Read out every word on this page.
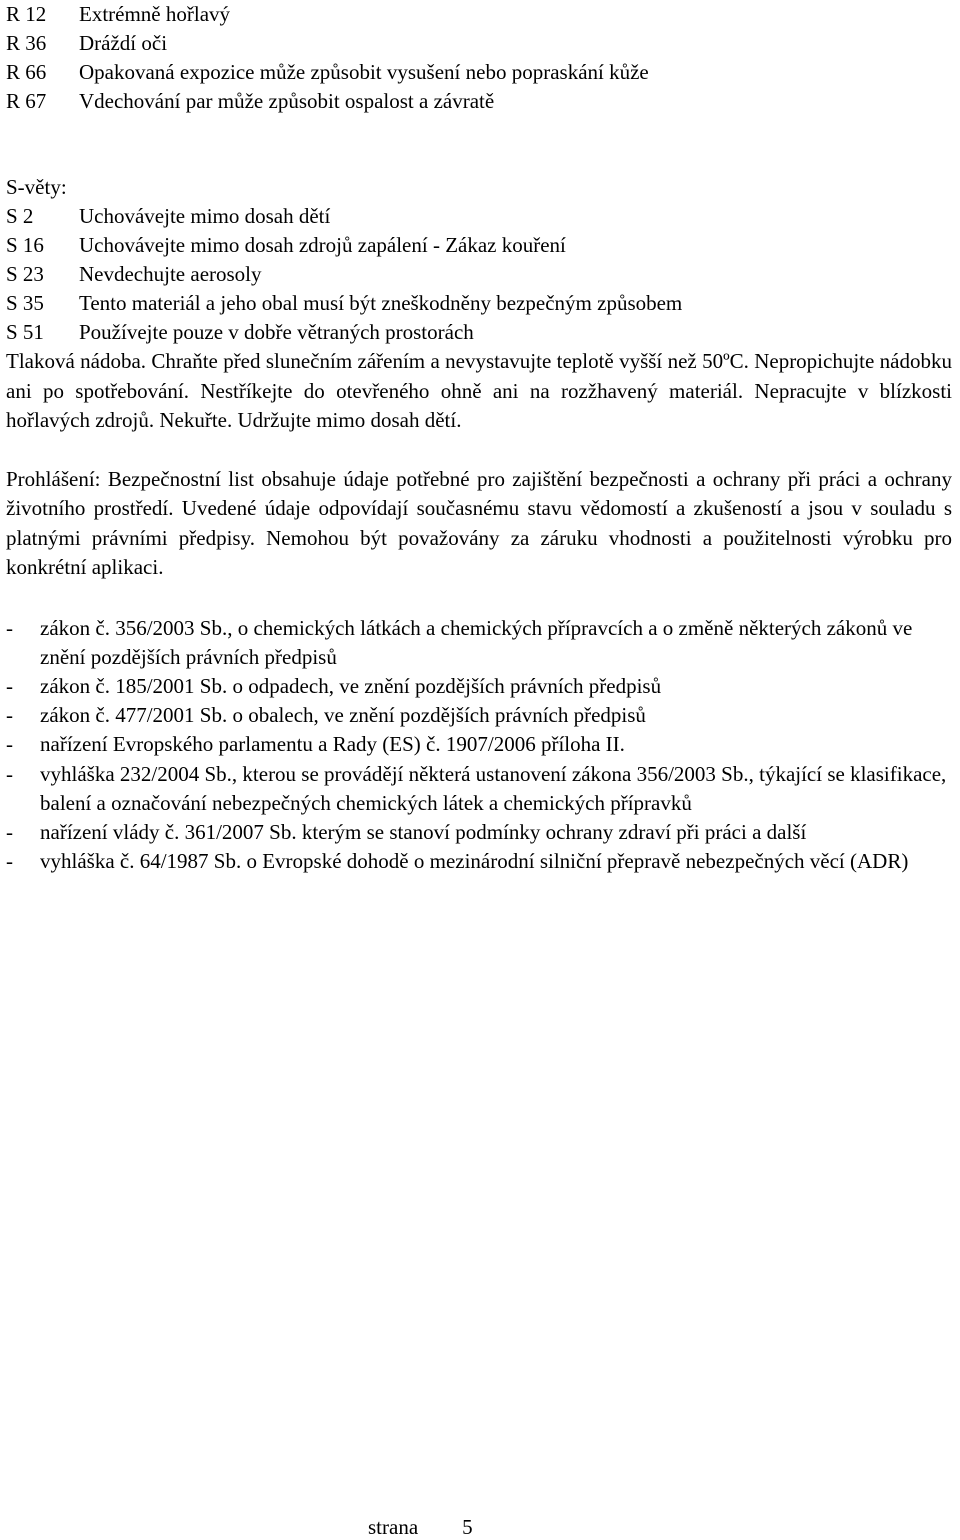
R 12	Extrémně hořlavý
R 36	Dráždí oči
R 66	Opakovaná expozice může způsobit vysušení nebo popraskání kůže
R 67	Vdechování par může způsobit ospalost a závratě
S-věty:
S 2	Uchovávejte mimo dosah dětí
S 16	Uchovávejte mimo dosah zdrojů zapálení - Zákaz kouření
S 23	Nevdechujte aerosoly
S 35	Tento materiál a jeho obal musí být zneškodněny bezpečným způsobem
S 51	Používejte pouze v dobře větraných prostorách

Tlaková nádoba. Chraňte před slunečním zářením a nevystavujte teplotě vyšší než 50ºC. Nepropichujte nádobku ani po spotřebování. Nestříkejte do otevřeného ohně ani na rozžhavený materiál. Nepracujte v blízkosti hořlavých zdrojů. Nekuřte. Udržujte mimo dosah dětí.

Prohlášení: Bezpečnostní list obsahuje údaje potřebné pro zajištění bezpečnosti a ochrany při práci a ochrany životního prostředí. Uvedené údaje odpovídají současnému stavu vědomostí a zkušeností a jsou v souladu s platnými právními předpisy. Nemohou být považovány za záruku vhodnosti a použitelnosti výrobku pro konkrétní aplikaci.

-	zákon č. 356/2003 Sb., o chemických látkách a chemických přípravcích a o změně některých zákonů ve znění pozdějších právních předpisů
-	zákon č. 185/2001 Sb. o odpadech, ve znění pozdějších právních předpisů
-	zákon č. 477/2001 Sb. o obalech, ve znění pozdějších právních předpisů
-	nařízení Evropského parlamentu a Rady (ES) č. 1907/2006 příloha II.
-	vyhláška 232/2004 Sb., kterou se provádějí některá ustanovení zákona 356/2003 Sb., týkající se klasifikace, balení a označování nebezpečných chemických látek a chemických přípravků
-	nařízení vlády č. 361/2007 Sb. kterým se stanoví podmínky ochrany zdraví při práci a další
-	vyhláška č. 64/1987 Sb. o Evropské dohodě o mezinárodní silniční přepravě nebezpečných věcí (ADR)
strana 5
